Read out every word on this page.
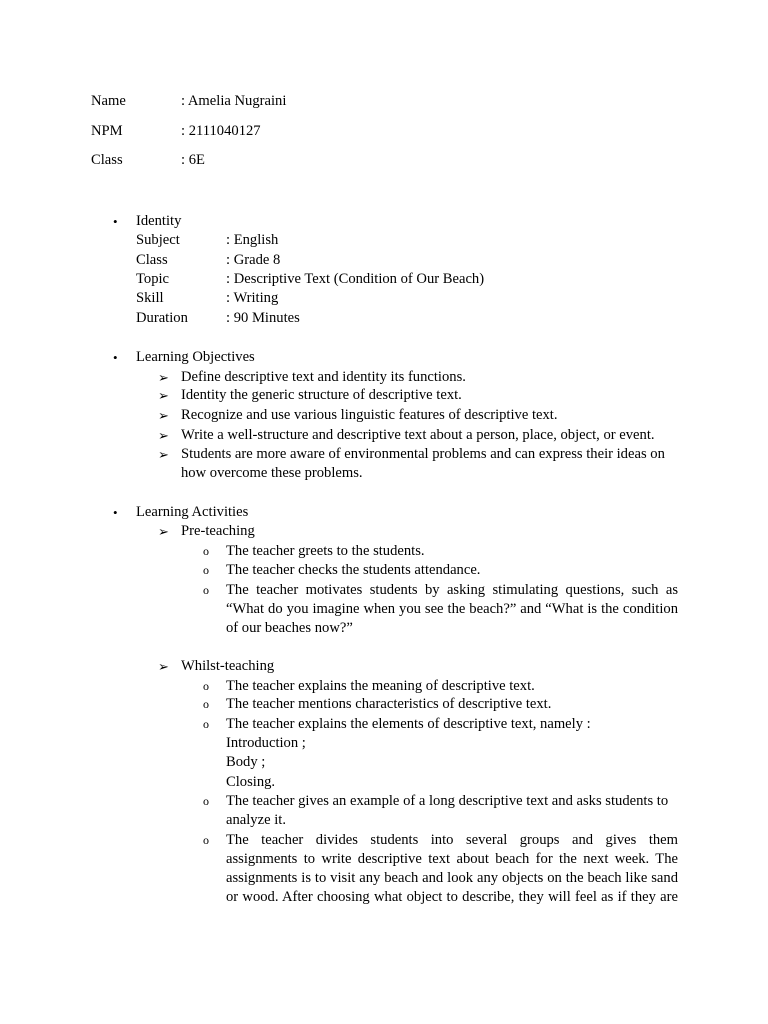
Name	: Amelia Nugraini
NPM	: 2111040127
Class	: 6E
• Identity
Subject	: English
Class	: Grade 8
Topic	: Descriptive Text (Condition of Our Beach)
Skill	: Writing
Duration	: 90 Minutes
• Learning Objectives
➢ Define descriptive text and identity its functions.
➢ Identity the generic structure of descriptive text.
➢ Recognize and use various linguistic features of descriptive text.
➢ Write a well-structure and descriptive text about a person, place, object, or event.
➢ Students are more aware of environmental problems and can express their ideas on
how overcome these problems.
• Learning Activities
➢ Pre-teaching
o The teacher greets to the students.
o The teacher checks the students attendance.
o The teacher motivates students by asking stimulating questions, such as
“What do you imagine when you see the beach?” and “What is the condition
of our beaches now?”
➢ Whilst-teaching
o The teacher explains the meaning of descriptive text.
o The teacher mentions characteristics of descriptive text.
o The teacher explains the elements of descriptive text, namely :
Introduction ;
Body ;
Closing.
o The teacher gives an example of a long descriptive text and asks students to
analyze it.
o The teacher divides students into several groups and gives them
assignments to write descriptive text about beach for the next week. The
assignments is to visit any beach and look any objects on the beach like sand
or wood. After choosing what object to describe, they will feel as if they are
